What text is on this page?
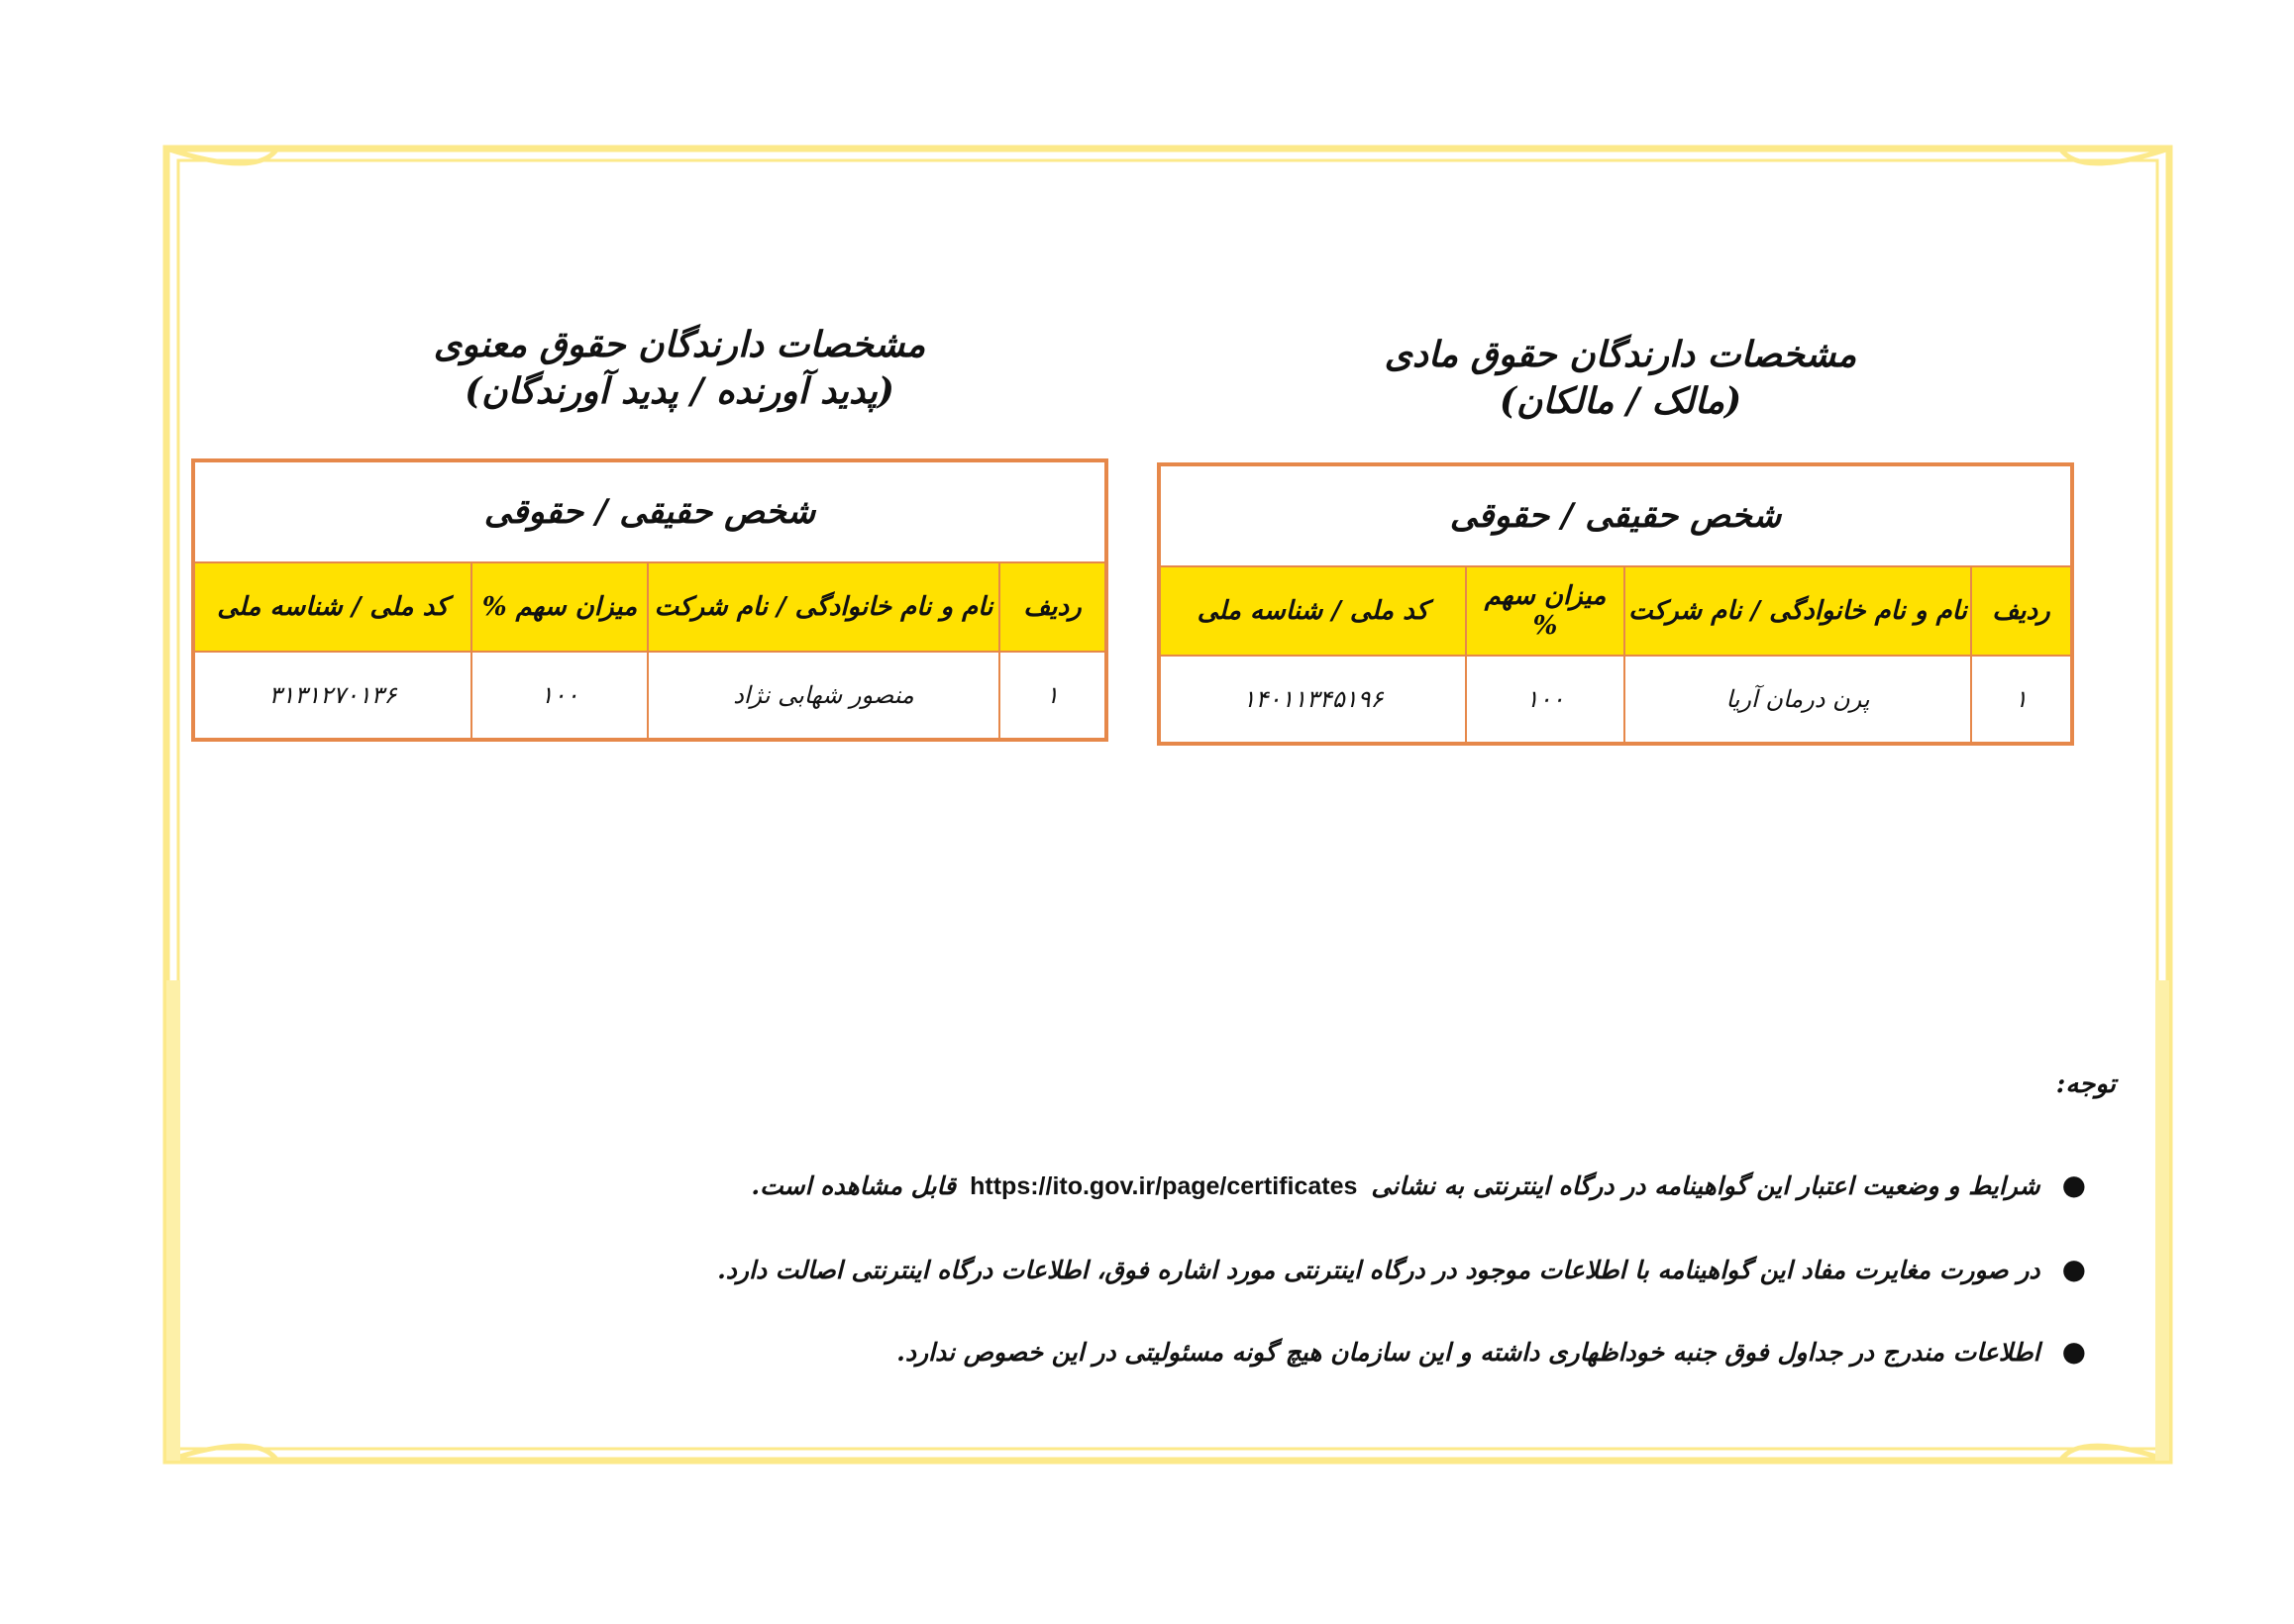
مشخصات دارندگان حقوق مادی
(مالک / مالکان)
شخص حقیقی / حقوقی			
ردیف	نام و نام خانوادگی / نام شرکت	میزان سهم %	کد ملی / شناسه ملی
۱	پرن درمان آریا	۱۰۰	۱۴۰۱۱۳۴۵۱۹۶
مشخصات دارندگان حقوق معنوی
(پدید آورنده / پدید آورندگان)
شخص حقیقی / حقوقی			
ردیف	نام و نام خانوادگی / نام شرکت	میزان سهم %	کد ملی / شناسه ملی
۱	منصور شهابی نژاد	۱۰۰	۳۱۳۱۲۷۰۱۳۶
توجه:
●شرایط و وضعیت اعتبار این گواهینامه در درگاه اینترنتی به نشانیhttps://ito.gov.ir/page/certificatesقابل مشاهده است.
●در صورت مغایرت مفاد این گواهینامه با اطلاعات موجود در درگاه اینترنتی مورد اشاره فوق، اطلاعات درگاه اینترنتی اصالت دارد.
●اطلاعات مندرج در جداول فوق جنبه خوداظهاری داشته و این سازمان هیچ گونه مسئولیتی در این خصوص ندارد.
